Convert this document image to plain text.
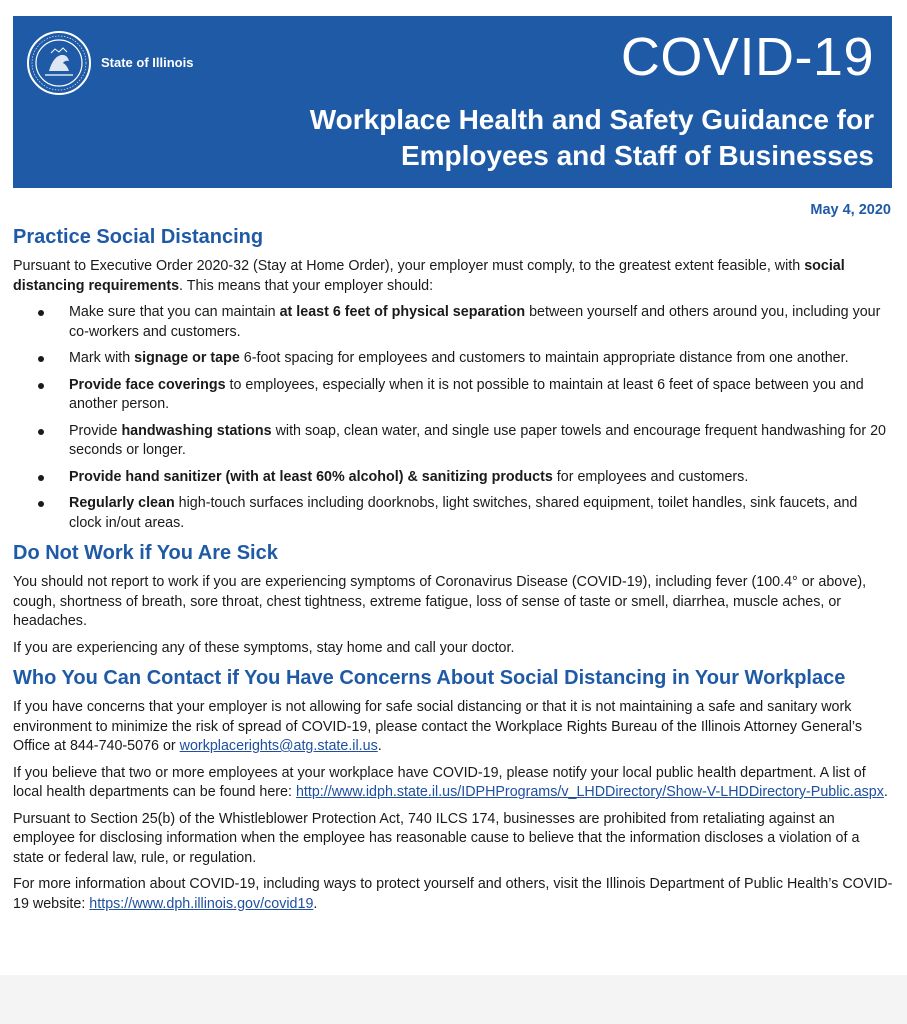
State of Illinois	COVID-19
Workplace Health and Safety Guidance for Employees and Staff of Businesses
May 4, 2020
Practice Social Distancing

Pursuant to Executive Order 2020-32 (Stay at Home Order), your employer must comply, to the greatest extent feasible, with social distancing requirements. This means that your employer should:

Make sure that you can maintain at least 6 feet of physical separation between yourself and others around you, including your co-workers and customers.
Mark with signage or tape 6-foot spacing for employees and customers to maintain appropriate distance from one another.
Provide face coverings to employees, especially when it is not possible to maintain at least 6 feet of space between you and another person.
Provide handwashing stations with soap, clean water, and single use paper towels and encourage frequent handwashing for 20 seconds or longer.
Provide hand sanitizer (with at least 60% alcohol) & sanitizing products for employees and customers.
Regularly clean high-touch surfaces including doorknobs, light switches, shared equipment, toilet handles, sink faucets, and clock in/out areas.
Do Not Work if You Are Sick

You should not report to work if you are experiencing symptoms of Coronavirus Disease (COVID-19), including fever (100.4° or above), cough, shortness of breath, sore throat, chest tightness, extreme fatigue, loss of sense of taste or smell, diarrhea, muscle aches, or headaches.

If you are experiencing any of these symptoms, stay home and call your doctor.

Who You Can Contact if You Have Concerns About Social Distancing in Your Workplace

If you have concerns that your employer is not allowing for safe social distancing or that it is not maintaining a safe and sanitary work environment to minimize the risk of spread of COVID-19, please contact the Workplace Rights Bureau of the Illinois Attorney General’s Office at 844-740-5076 or workplacerights@atg.state.il.us.

If you believe that two or more employees at your workplace have COVID-19, please notify your local public health department. A list of local health departments can be found here: http://www.idph.state.il.us/IDPHPrograms/v_LHDDirectory/Show-V-LHDDirectory-Public.aspx.

Pursuant to Section 25(b) of the Whistleblower Protection Act, 740 ILCS 174, businesses are prohibited from retaliating against an employee for disclosing information when the employee has reasonable cause to believe that the information discloses a violation of a state or federal law, rule, or regulation.

For more information about COVID-19, including ways to protect yourself and others, visit the Illinois Department of Public Health’s COVID-19 website: https://www.dph.illinois.gov/covid19.
